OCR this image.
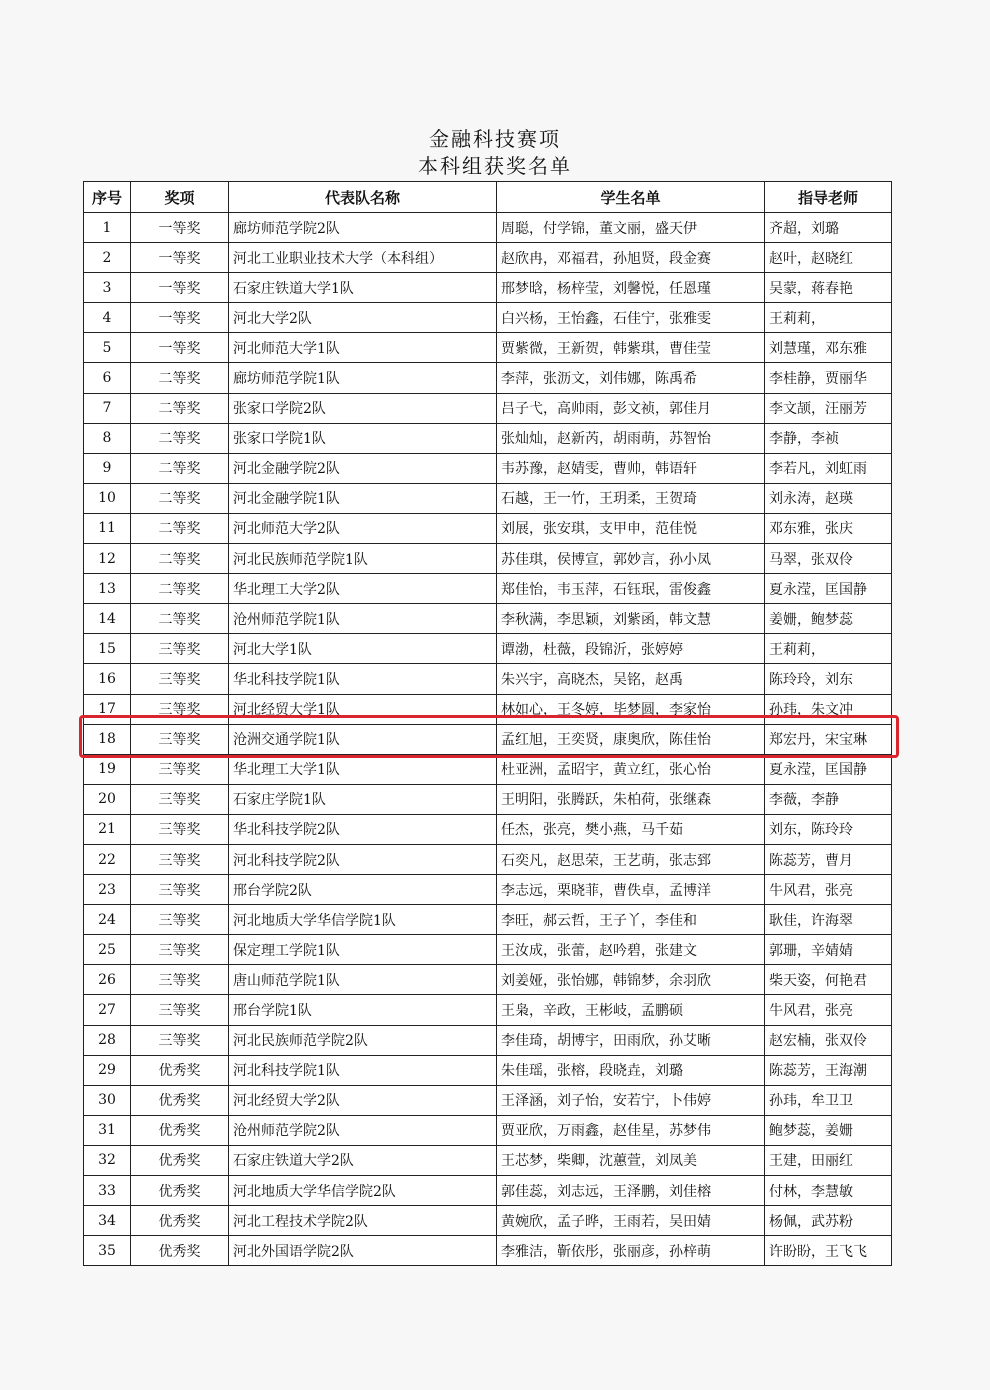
金融科技赛项
本科组获奖名单
序号	奖项	代表队名称	学生名单	指导老师
1	一等奖	廊坊师范学院2队	周聪，付学锦，董文丽，盛天伊	齐超，刘璐
2	一等奖	河北工业职业技术大学（本科组）	赵欣冉，邓福君，孙旭贤，段金赛	赵叶，赵晓红
3	一等奖	石家庄铁道大学1队	邢梦晗，杨梓莹，刘馨悦，任恩瑾	吴蒙，蒋春艳
4	一等奖	河北大学2队	白兴杨，王怡鑫，石佳宁，张雅雯	王莉莉，
5	一等奖	河北师范大学1队	贾紫微，王新贺，韩紫琪，曹佳莹	刘慧瑾，邓东雅
6	二等奖	廊坊师范学院1队	李萍，张沥文，刘伟娜，陈禹希	李桂静，贾丽华
7	二等奖	张家口学院2队	吕子弋，高帅雨，彭文祯，郭佳月	李文颉，汪丽芳
8	二等奖	张家口学院1队	张灿灿，赵新芮，胡雨萌，苏智怡	李静，李祯
9	二等奖	河北金融学院2队	韦苏豫，赵婧雯，曹帅，韩语轩	李若凡，刘虹雨
10	二等奖	河北金融学院1队	石越，王一竹，王玥柔，王贺琦	刘永涛，赵瑛
11	二等奖	河北师范大学2队	刘展，张安琪，支甲申，范佳悦	邓东雅，张庆
12	二等奖	河北民族师范学院1队	苏佳琪，侯博宣，郭妙言，孙小凤	马翠，张双伶
13	二等奖	华北理工大学2队	郑佳怡，韦玉萍，石钰珉，雷俊鑫	夏永滢，匡国静
14	二等奖	沧州师范学院1队	李秋满，李思颖，刘紫函，韩文慧	姜姗，鲍梦蕊
15	三等奖	河北大学1队	谭渤，杜薇，段锦沂，张婷婷	王莉莉，
16	三等奖	华北科技学院1队	朱兴宇，高晓杰，吴铭，赵禹	陈玲玲，刘东
17	三等奖	河北经贸大学1队	林如心，王冬婷，毕梦圆，李家怡	孙玮，朱文冲
18	三等奖	沧洲交通学院1队	孟红旭，王奕贤，康奥欣，陈佳怡	郑宏丹，宋宝琳
19	三等奖	华北理工大学1队	杜亚洲，孟昭宇，黄立红，张心怡	夏永滢，匡国静
20	三等奖	石家庄学院1队	王明阳，张腾跃，朱柏荷，张继森	李薇，李静
21	三等奖	华北科技学院2队	任杰，张亮，樊小燕，马千茹	刘东，陈玲玲
22	三等奖	河北科技学院2队	石奕凡，赵思荣，王艺萌，张志郅	陈蕊芳，曹月
23	三等奖	邢台学院2队	李志远，栗晓菲，曹佚卓，孟博洋	牛风君，张亮
24	三等奖	河北地质大学华信学院1队	李旺，郝云哲，王子丫，李佳和	耿佳，许海翠
25	三等奖	保定理工学院1队	王汝成，张蕾，赵吟碧，张建文	郭珊，辛婧婧
26	三等奖	唐山师范学院1队	刘姜娅，张怡娜，韩锦梦，余羽欣	柴天姿，何艳君
27	三等奖	邢台学院1队	王枭，辛政，王彬岐，孟鹏硕	牛风君，张亮
28	三等奖	河北民族师范学院2队	李佳琦，胡博宇，田雨欣，孙艾晰	赵宏楠，张双伶
29	优秀奖	河北科技学院1队	朱佳瑶，张榕，段晓垚，刘璐	陈蕊芳，王海潮
30	优秀奖	河北经贸大学2队	王泽涵，刘子怡，安若宁，卜伟婷	孙玮，牟卫卫
31	优秀奖	沧州师范学院2队	贾亚欣，万雨鑫，赵佳星，苏梦伟	鲍梦蕊，姜姗
32	优秀奖	石家庄铁道大学2队	王芯梦，柴卿，沈蕙萱，刘凤美	王建，田丽红
33	优秀奖	河北地质大学华信学院2队	郭佳蕊，刘志远，王泽鹏，刘佳榕	付林，李慧敏
34	优秀奖	河北工程技术学院2队	黄婉欣，孟子晔，王雨若，吴田婧	杨佩，武苏粉
35	优秀奖	河北外国语学院2队	李雅洁，靳依彤，张丽彦，孙梓萌	许盼盼，王飞飞
